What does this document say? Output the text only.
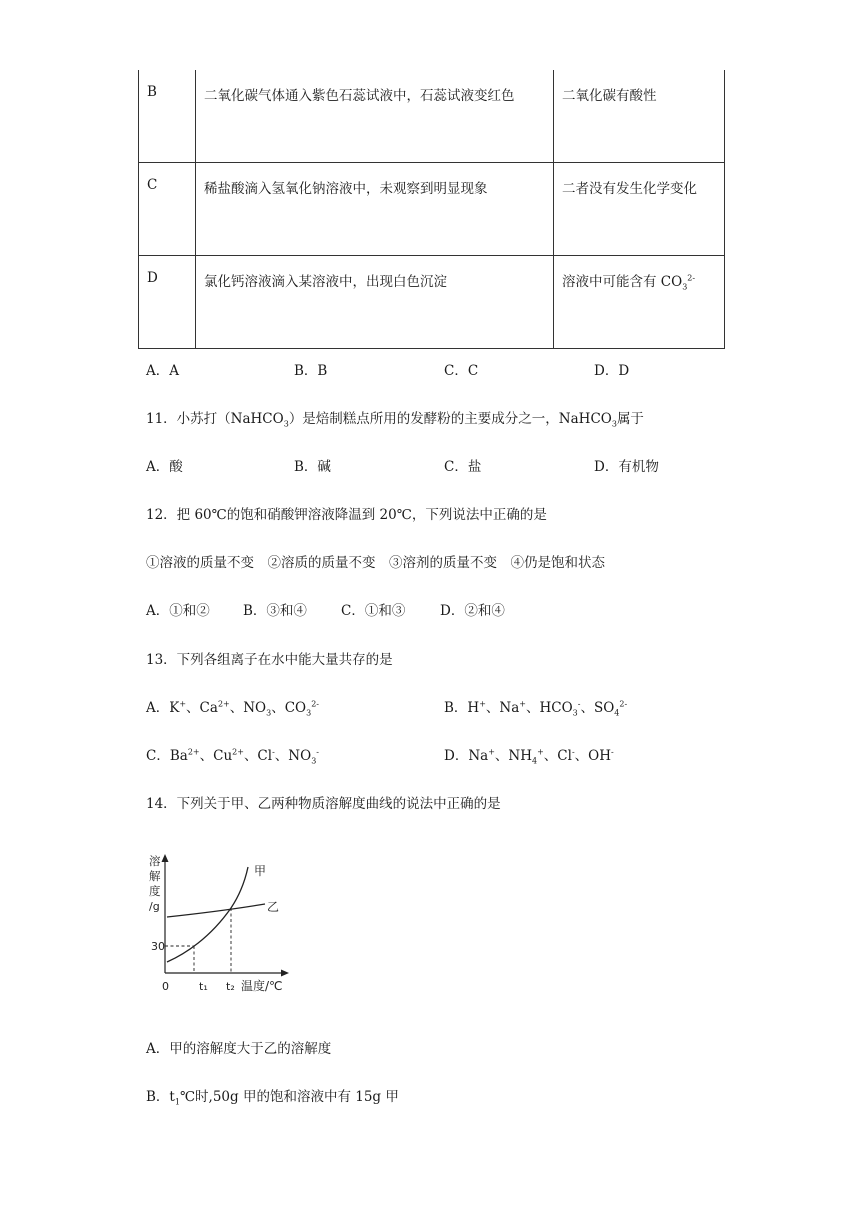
B	二氧化碳气体通入紫色石蕊试液中，石蕊试液变红色	二氧化碳有酸性
C	稀盐酸滴入氢氧化钠溶液中，未观察到明显现象	二者没有发生化学变化
D	氯化钙溶液滴入某溶液中，出现白色沉淀	溶液中可能含有 $CO_3^{2-}$
A．A	B．B	C．C	D．D
11．小苏打（NaHCO$_3$）是焙制糕点所用的发酵粉的主要成分之一，NaHCO$_3$属于
A．酸	B．碱	C．盐	D．有机物
12．把 60℃的饱和硝酸钾溶液降温到 20℃，下列说法中正确的是
①溶液的质量不变　②溶质的质量不变　③溶剂的质量不变　④仍是饱和状态
A．①和② B．③和④	C．①和③	D．②和④
13．下列各组离子在水中能大量共存的是
A．K+、$Ca^{2+}$、$NO_3$、$CO_3^{2-}$	B．H+、Na+、$HCO_3^-$、$SO_4^{2-}$
C．$Ba^{2+}$、$Cu^{2+}$、Cl-、$NO_3^-$	D．Na+、$NH_4^+$、Cl-、OH-
14．下列关于甲、乙两种物质溶解度曲线的说法中正确的是
甲
乙
溶
解
度
/g
30
0	t₁ t₂ 温度/℃
A．甲的溶解度大于乙的溶解度
B．$t_1℃$时,50g 甲的饱和溶液中有 15g 甲
